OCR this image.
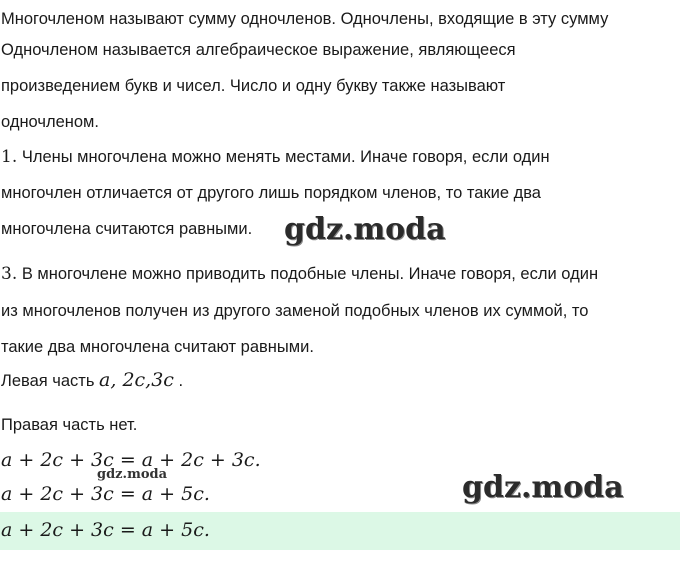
Многочленом называют сумму одночленов. Одночлены, входящие в эту сумму
Одночленом называется алгебраическое выражение, являющееся
произведением букв и чисел. Число и одну букву также называют
одночленом.
1. Члены многочлена можно менять местами. Иначе говоря, если один
многочлен отличается от другого лишь порядком членов, то такие два
многочлена считаются равными.
3. В многочлене можно приводить подобные члены. Иначе говоря, если один
из многочленов получен из другого заменой подобных членов их суммой, то
такие два многочлена считают равными.
Левая часть a, 2c,3c .
Правая часть нет.
a + 2c + 3c = a + 2c + 3c.
a + 2c + 3c = a + 5c.
a + 2c + 3c = a + 5c.
gdz.moda
gdz.moda
gdz.moda
